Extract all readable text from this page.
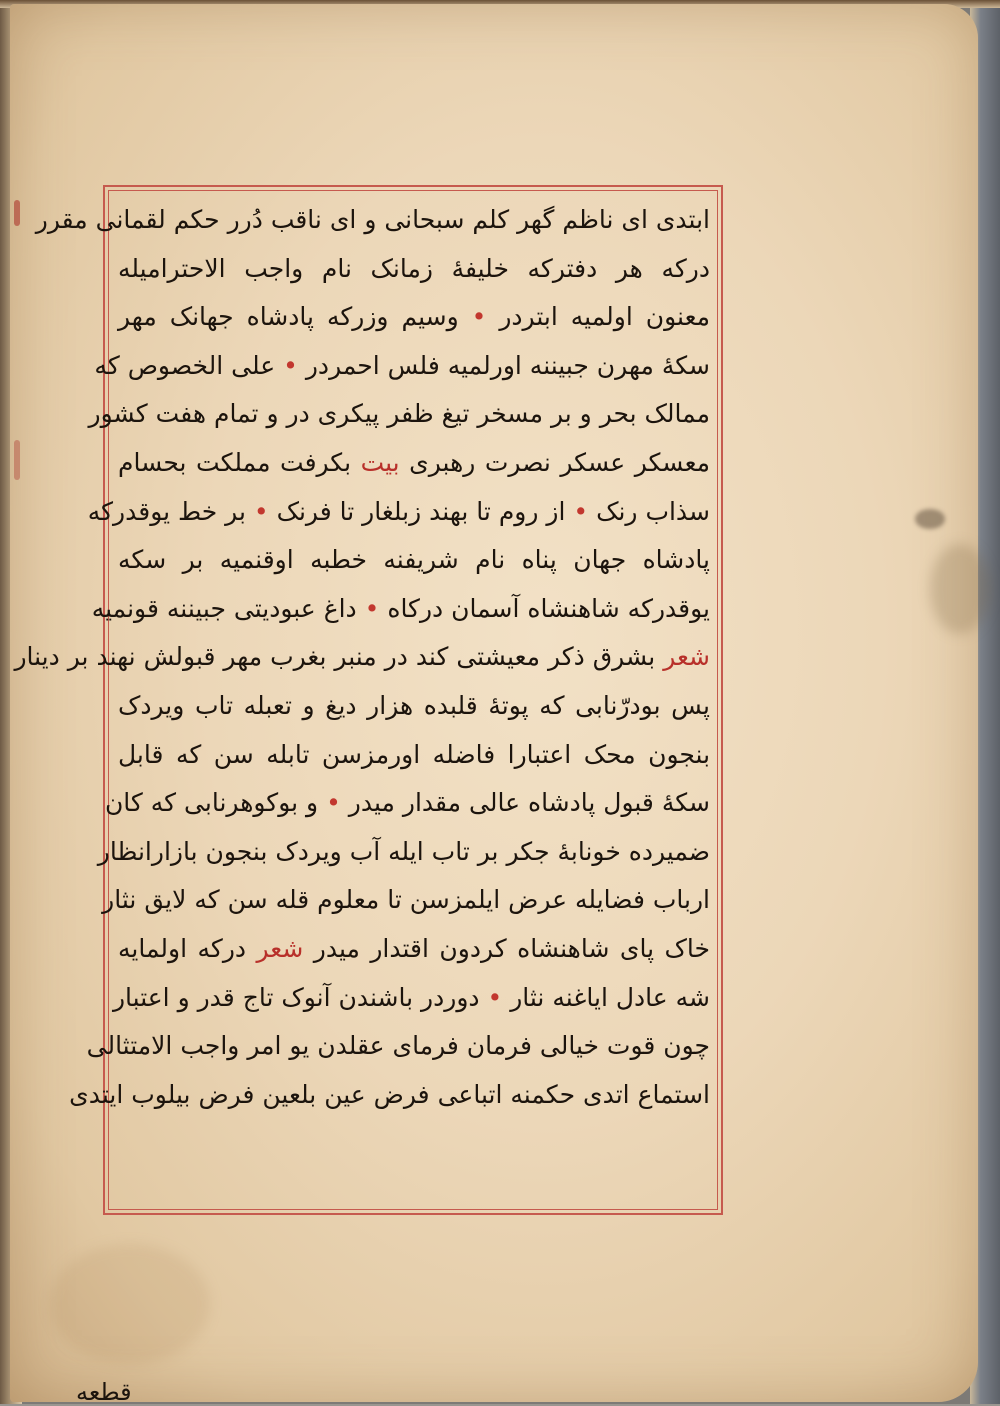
ابتدی ای ناظم گهر کلم سبحانی و ای ناقب دُرر حکم لقمانی مقرر
درکه هر دفترکه خلیفهٔ زمانک نام واجب الاحترامیله
معنون اولمیه ابتردر • وسیم وزرکه پادشاه جهانک مهر
سکهٔ مهرن جبیننه اورلمیه فلس احمردر • علی الخصوص که
ممالک بحر و بر مسخر تیغ ظفر پیکری در و تمام هفت کشور
معسکر عسکر نصرت رهبری بیت بکرفت مملکت بحسام
سذاب رنک • از روم تا بهند زبلغار تا فرنک • بر خط یوقدرکه
پادشاه جهان پناه نام شریفنه خطبه اوقنمیه بر سکه
یوقدرکه شاهنشاه آسمان درکاه • داغ عبودیتی جبیننه قونمیه
شعر بشرق ذکر معیشتی کند در منبر بغرب مهر قبولش نهند بر دینار
پس بودرّنابی که پوتهٔ قلبده هزار دیغ و تعبله تاب ویردک
بنجون محک اعتبارا فاضله اورمزسن تابله سن که قابل
سکهٔ قبول پادشاه عالی مقدار میدر • و بوکوهرنابی که کان
ضمیرده خونابهٔ جکر بر تاب ایله آب ویردک بنجون بازارانظار
ارباب فضایله عرض ایلمزسن تا معلوم قله سن که لایق نثار
خاک پای شاهنشاه کردون اقتدار میدر شعر درکه اولمایه
شه عادل ایاغنه نثار • دوردر باشندن آنوک تاج قدر و اعتبار
چون قوت خیالی فرمان فرمای عقلدن یو امر واجب الامتثالی
استماع اتدی حکمنه اتباعی فرض عین بلعین فرض بیلوب ایتدی
قطعه
